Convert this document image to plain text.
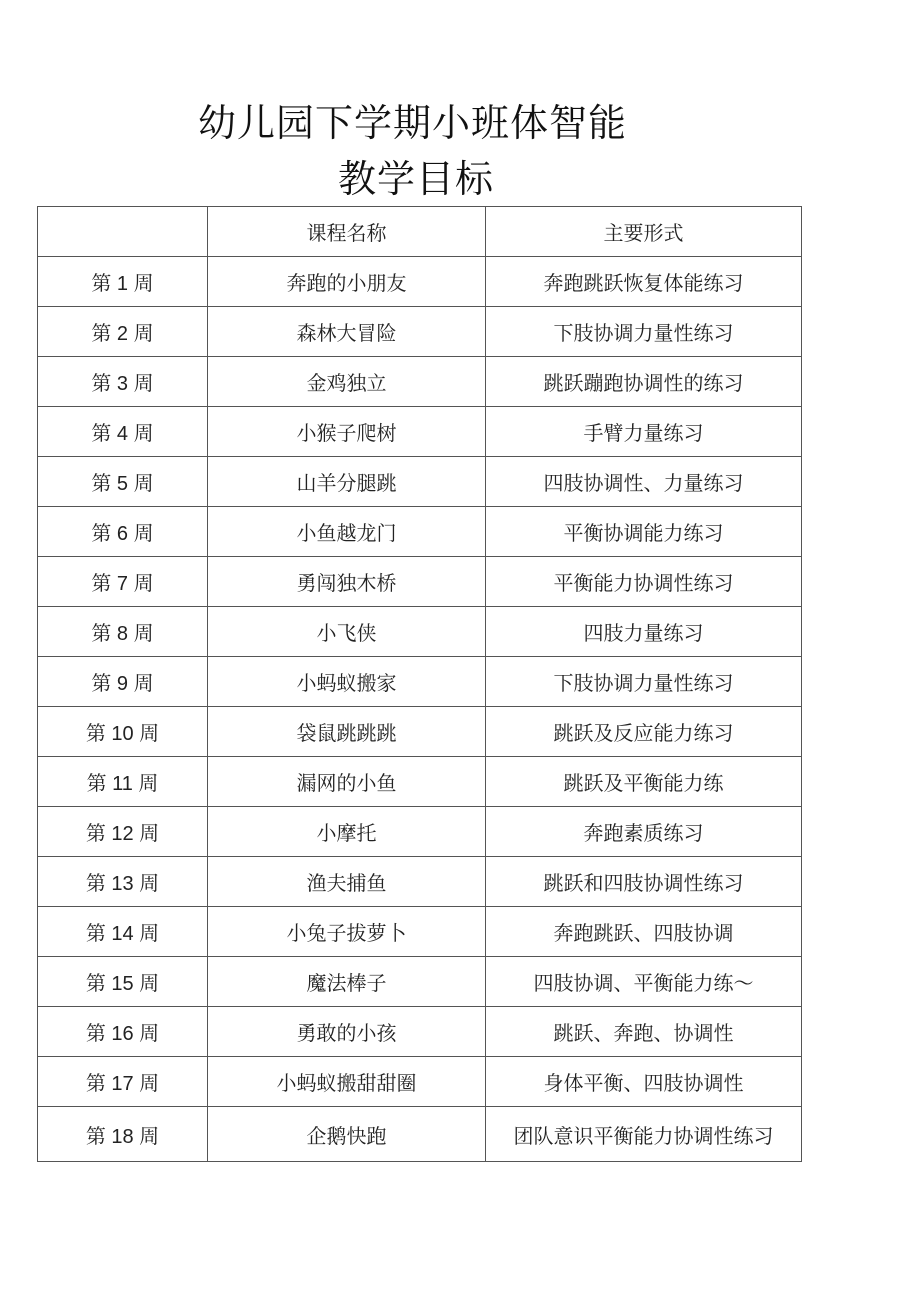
幼儿园下学期小班体智能
教学目标
	课程名称	主要形式
第 1 周	奔跑的小朋友	奔跑跳跃恢复体能练习
第 2 周	森林大冒险	下肢协调力量性练习
第 3 周	金鸡独立	跳跃蹦跑协调性的练习
第 4 周	小猴子爬树	手臂力量练习
第 5 周	山羊分腿跳	四肢协调性、力量练习
第 6 周	小鱼越龙门	平衡协调能力练习
第 7 周	勇闯独木桥	平衡能力协调性练习
第 8 周	小飞侠	四肢力量练习
第 9 周	小蚂蚁搬家	下肢协调力量性练习
第 10 周	袋鼠跳跳跳	跳跃及反应能力练习
第 11 周	漏网的小鱼	跳跃及平衡能力练
第 12 周	小摩托	奔跑素质练习
第 13 周	渔夫捕鱼	跳跃和四肢协调性练习
第 14 周	小兔子拔萝卜	奔跑跳跃、四肢协调
第 15 周	魔法棒子	四肢协调、平衡能力练～
第 16 周	勇敢的小孩	跳跃、奔跑、协调性
第 17 周	小蚂蚁搬甜甜圈	身体平衡、四肢协调性
第 18 周	企鹅快跑	团队意识平衡能力协调性练习
